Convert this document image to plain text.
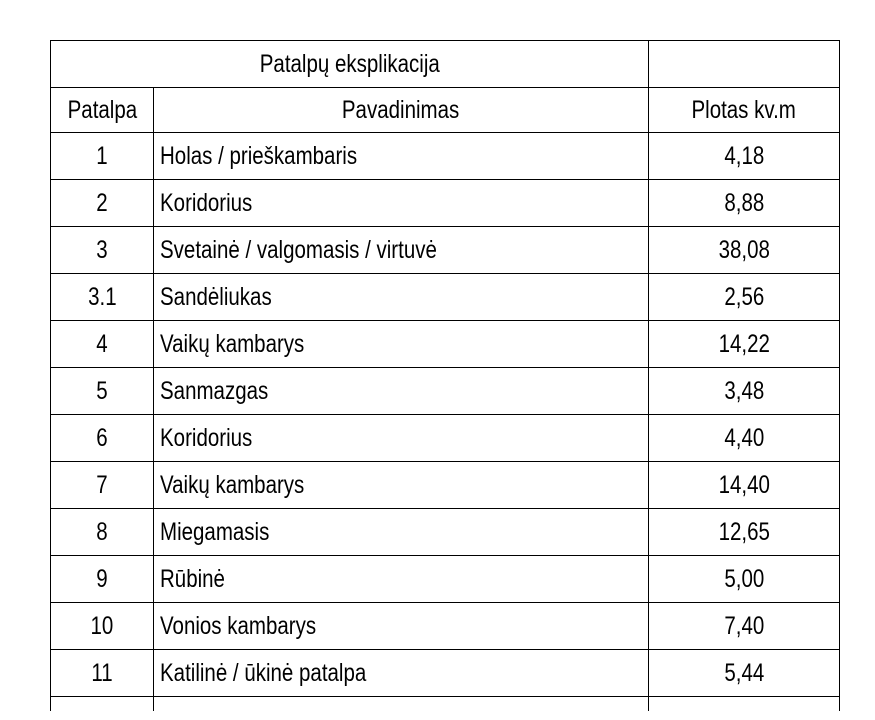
Patalpų eksplikacija		
Patalpa	Pavadinimas	Plotas kv.m
1	Holas / prieškambaris	4,18
2	Koridorius	8,88
3	Svetainė / valgomasis / virtuvė	38,08
3.1	Sandėliukas	2,56
4	Vaikų kambarys	14,22
5	Sanmazgas	3,48
6	Koridorius	4,40
7	Vaikų kambarys	14,40
8	Miegamasis	12,65
9	Rūbinė	5,00
10	Vonios kambarys	7,40
11	Katilinė / ūkinė patalpa	5,44
